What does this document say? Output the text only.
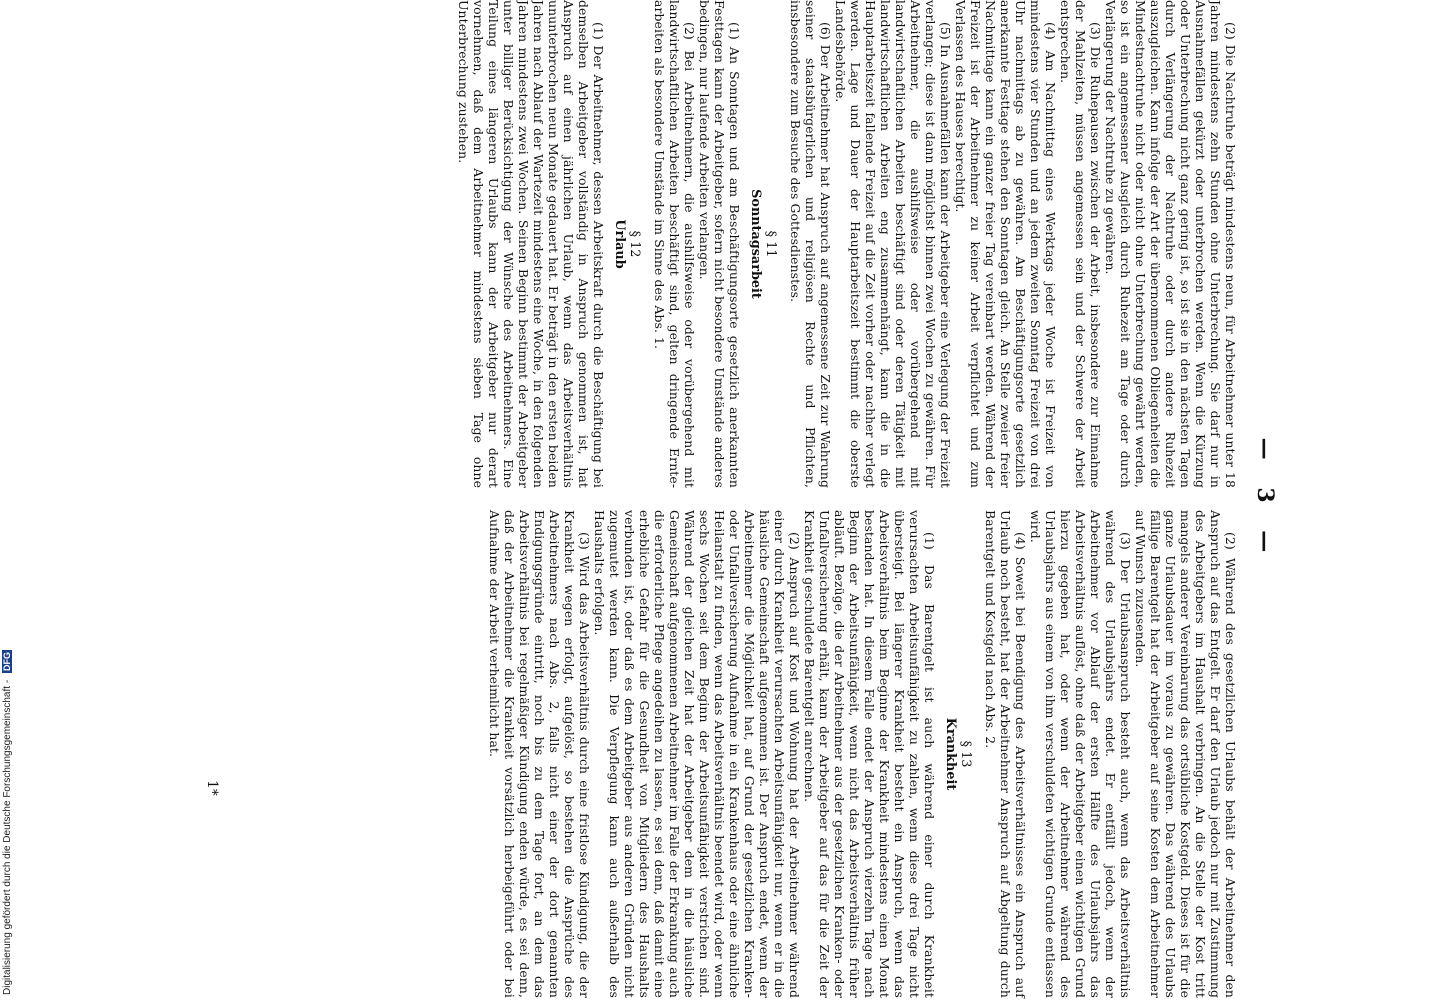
— 3 —

(2) Die Nachtruhe beträgt mindestens neun, für Arbeitnehmer unter 18 Jahren mindestens zehn Stunden ohne Unterbrechung. Sie darf nur in Ausnahmefällen gekürzt oder unterbrochen werden. Wenn die Kürzung oder Unterbrechung nicht ganz gering ist, so ist sie in den nächsten Tagen durch Verlängerung der Nachtruhe oder durch andere Ruhezeit auszugleichen. Kann infolge der Art der übernommenen Obliegenheiten die Mindestnachtruhe nicht oder nicht ohne Unterbrechung gewährt werden, so ist ein angemessener Ausgleich durch Ruhezeit am Tage oder durch Verlängerung der Nachtruhe zu gewähren.

(3) Die Ruhepausen zwischen der Arbeit, insbesondere zur Einnahme der Mahlzeiten, müssen angemessen sein und der Schwere der Arbeit entsprechen.

(4) Am Nachmittag eines Werktags jeder Woche ist Freizeit von mindestens vier Stunden und an jedem zweiten Sonntag Freizeit von drei Uhr nachmittags ab zu gewähren. Am Beschäftigungsorte gesetzlich anerkannte Festtage stehen den Sonntagen gleich. An Stelle zweier freier Nachmittage kann ein ganzer freier Tag vereinbart werden. Während der Freizeit ist der Arbeitnehmer zu keiner Arbeit verpflichtet und zum Verlassen des Hauses berechtigt.

(5) In Ausnahmefällen kann der Arbeitgeber eine Verlegung der Freizeit verlangen; diese ist dann möglichst binnen zwei Wochen zu gewähren. Für Arbeitnehmer, die aushilfsweise oder vorübergehend mit landwirtschaftlichen Arbeiten beschäftigt sind oder deren Tätigkeit mit landwirtschaftlichen Arbeiten eng zusammenhängt, kann die in die Hauptarbeitszeit fallende Freizeit auf die Zeit vorher oder nachher verlegt werden. Lage und Dauer der Hauptarbeitszeit bestimmt die oberste Landesbehörde.

(6) Der Arbeitnehmer hat Anspruch auf angemessene Zeit zur Wahrung seiner staatsbürgerlichen und religiösen Rechte und Pflichten, insbesondere zum Besuche des Gottesdienstes.

§ 11
Sonntagsarbeit

(1) An Sonntagen und am Beschäftigungsorte gesetzlich anerkannten Festtagen kann der Arbeitgeber, sofern nicht besondere Umstände anderes bedingen, nur laufende Arbeiten verlangen.

(2) Bei Arbeitnehmern, die aushilfsweise oder vorübergehend mit landwirtschaftlichen Arbeiten beschäftigt sind, gelten dringende Erntearbeiten als besondere Umstände im Sinne des Abs. 1.

§ 12
Urlaub

(1) Der Arbeitnehmer, dessen Arbeitskraft durch die Beschäftigung bei demselben Arbeitgeber vollständig in Anspruch genommen ist, hat Anspruch auf einen jährlichen Urlaub, wenn das Arbeitsverhältnis ununterbrochen neun Monate gedauert hat. Er beträgt in den ersten beiden Jahren nach Ablauf der Wartezeit mindestens eine Woche, in den folgenden Jahren mindestens zwei Wochen. Seinen Beginn bestimmt der Arbeitgeber unter billiger Berücksichtigung der Wünsche des Arbeitnehmers. Eine Teilung eines längeren Urlaubs kann der Arbeitgeber nur derart vornehmen, daß dem Arbeitnehmer mindestens sieben Tage ohne Unterbrechung zustehen.

(2) Während des gesetzlichen Urlaubs behält der Arbeitnehmer den Anspruch auf das Entgelt. Er darf den Urlaub jedoch nur mit Zustimmung des Arbeitgebers im Haushalt verbringen. An die Stelle der Kost tritt mangels anderer Vereinbarung das ortsübliche Kostgeld. Dieses ist für die ganze Urlaubsdauer im voraus zu gewähren. Das während des Urlaubs fällige Barentgelt hat der Arbeitgeber auf seine Kosten dem Arbeitnehmer auf Wunsch zuzusenden.

(3) Der Urlaubsanspruch besteht auch, wenn das Arbeitsverhältnis während des Urlaubsjahrs endet. Er entfällt jedoch, wenn der Arbeitnehmer vor Ablauf der ersten Hälfte des Urlaubsjahrs das Arbeitsverhältnis auflöst, ohne daß der Arbeitgeber einen wichtigen Grund hierzu gegeben hat, oder wenn der Arbeitnehmer während des Urlaubsjahrs aus einem von ihm verschuldeten wichtigen Grunde entlassen wird.

(4) Soweit bei Beendigung des Arbeitsverhältnisses ein Anspruch auf Urlaub noch besteht, hat der Arbeitnehmer Anspruch auf Abgeltung durch Barentgelt und Kostgeld nach Abs. 2.

§ 13
Krankheit

(1) Das Barentgelt ist auch während einer durch Krankheit verursachten Arbeitsunfähigkeit zu zahlen, wenn diese drei Tage nicht übersteigt. Bei längerer Krankheit besteht ein Anspruch, wenn das Arbeitsverhältnis beim Beginne der Krankheit mindestens einen Monat bestanden hat. In diesem Falle endet der Anspruch vierzehn Tage nach Beginn der Arbeitsunfähigkeit, wenn nicht das Arbeitsverhältnis früher abläuft. Bezüge, die der Arbeitnehmer aus der gesetzlichen Kranken- oder Unfallversicherung erhält, kann der Arbeitgeber auf das für die Zeit der Krankheit geschuldete Barentgelt anrechnen.

(2) Anspruch auf Kost und Wohnung hat der Arbeitnehmer während einer durch Krankheit verursachten Arbeitsunfähigkeit nur, wenn er in die häusliche Gemeinschaft aufgenommen ist. Der Anspruch endet, wenn der Arbeitnehmer die Möglichkeit hat, auf Grund der gesetzlichen Kranken- oder Unfallversicherung Aufnahme in ein Krankenhaus oder eine ähnliche Heilanstalt zu finden, wenn das Arbeitsverhältnis beendet wird, oder wenn sechs Wochen seit dem Beginn der Arbeitsunfähigkeit verstrichen sind. Während der gleichen Zeit hat der Arbeitgeber dem in die häusliche Gemeinschaft aufgenommenen Arbeitnehmer im Falle der Erkrankung auch die erforderliche Pflege angedeihen zu lassen, es sei denn, daß damit eine erhebliche Gefahr für die Gesundheit von Mitgliedern des Haushalts verbunden ist, oder daß es dem Arbeitgeber aus anderen Gründen nicht zugemutet werden kann. Die Verpflegung kann auch außerhalb des Haushalts erfolgen.

(3) Wird das Arbeitsverhältnis durch eine fristlose Kündigung, die der Krankheit wegen erfolgt, aufgelöst, so bestehen die Ansprüche des Arbeitnehmers nach Abs. 2, falls nicht einer der dort genannten Endigungsgründe eintritt, noch bis zu dem Tage fort, an dem das Arbeitsverhältnis bei regelmäßiger Kündigung enden würde, es sei denn, daß der Arbeitnehmer die Krankheit vorsätzlich herbeigeführt oder bei Aufnahme der Arbeit verheimlicht hat.

1*
Digitalisierung gefördert durch die Deutsche Forschungsgemeinschaft - DFG
